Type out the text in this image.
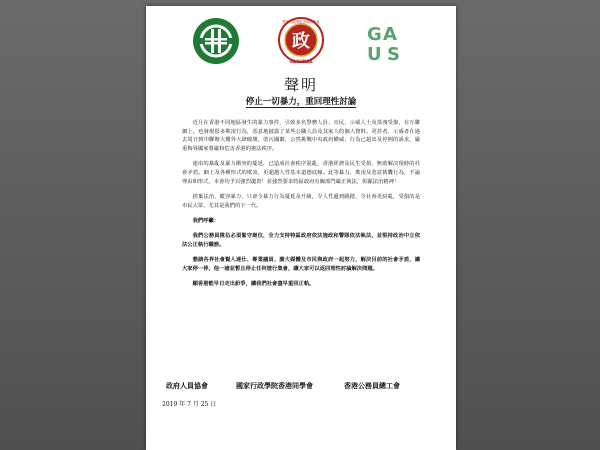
政
國家行政學院香港同學會
GAGHKAA
G A
U S
聲明
停止一切暴力，重回理性討論

近月在香港不同地區發生的暴力事件，引致多名警務人員、市民、示威人士及蒸洩受傷，在互聯網上，也發現很多欺凌行為，惡意地披露了某些公職人員及其家人的個人資料。更甚者，示威者在過去周日到中聯辦大樓外大肆破壞，塗污國徽，公然挑戰中央政府權威，行為已超出及停例的訴求，嚴重侮辱國家尊嚴和危害香港的憲法秩序。

連串的暴亂及暴力衝突的蔓延，已造成社會秩序混亂，香港經濟及民生受損，無助解決現時的社會矛盾。網上及各種形式的欺凌，更超越人性基本道德底線。此等暴力、欺凌及惡意挑釁行為，不論理由和形式，本會均予以強烈譴責！並強烈要求特區政府有關部門嚴正執法，彰顯法治精神！

捨棄法治，縱容暴力，只會令暴力行為蔓延及升級，令人性邊到跳踏，令社會更紛亂，受損的是市民大眾，尤其是我們的下一代。

我們呼籲：

我們公務員隊伍必須緊守崗位，全力支持特區政府依法施政和警隊依法執法，並堅持政治中立依法公正執行職務。

懇請各界社會賢人達仕、專業議員、廣大媒體及市民與政府一起努力，解決目前的社會矛盾，讓大家停一停，他一諸並暫且停止任何遊行集會，讓大家可以返回理性討論解決問題。

願香港能早日走出紛爭，讓我們社會盡早重回正軌。

政府人員協會	國家行政學院香港同學會	香港公務員總工會
2019 年 7 月 25 日
